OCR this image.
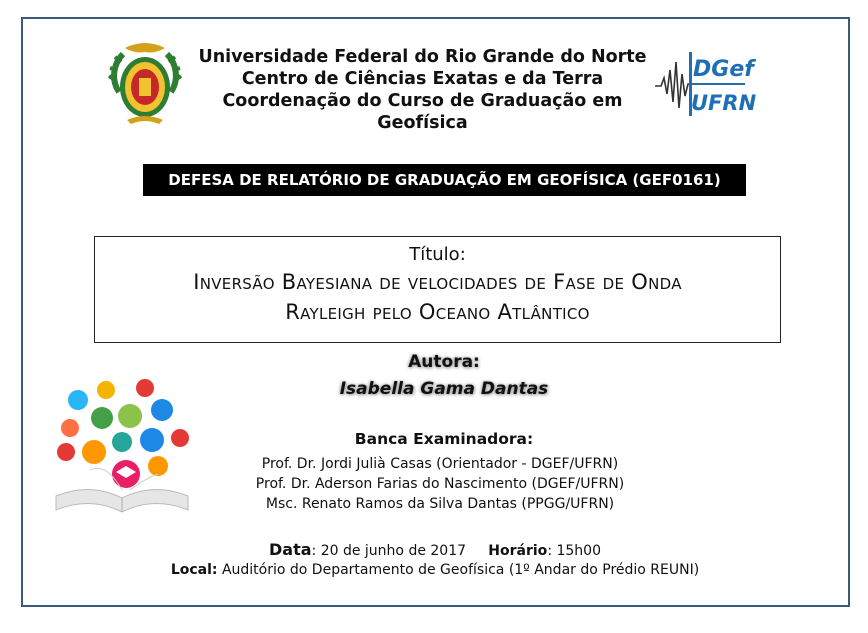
Universidade Federal do Rio Grande do Norte
Centro de Ciências Exatas e da Terra
Coordenação do Curso de Graduação em Geofísica
DGef
UFRN
DEFESA DE RELATÓRIO DE GRADUAÇÃO EM GEOFÍSICA (GEF0161)
Título:
Inversão Bayesiana de velocidades de Fase de Onda
Rayleigh pelo Oceano Atlântico
Autora:
Isabella Gama Dantas
Banca Examinadora:
Prof. Dr. Jordi Julià Casas (Orientador - DGEF/UFRN)
Prof. Dr. Aderson Farias do Nascimento (DGEF/UFRN)
Msc. Renato Ramos da Silva Dantas (PPGG/UFRN)
Data: 20 de junho de 2017 Horário: 15h00
Local: Auditório do Departamento de Geofísica (1º Andar do Prédio REUNI)
